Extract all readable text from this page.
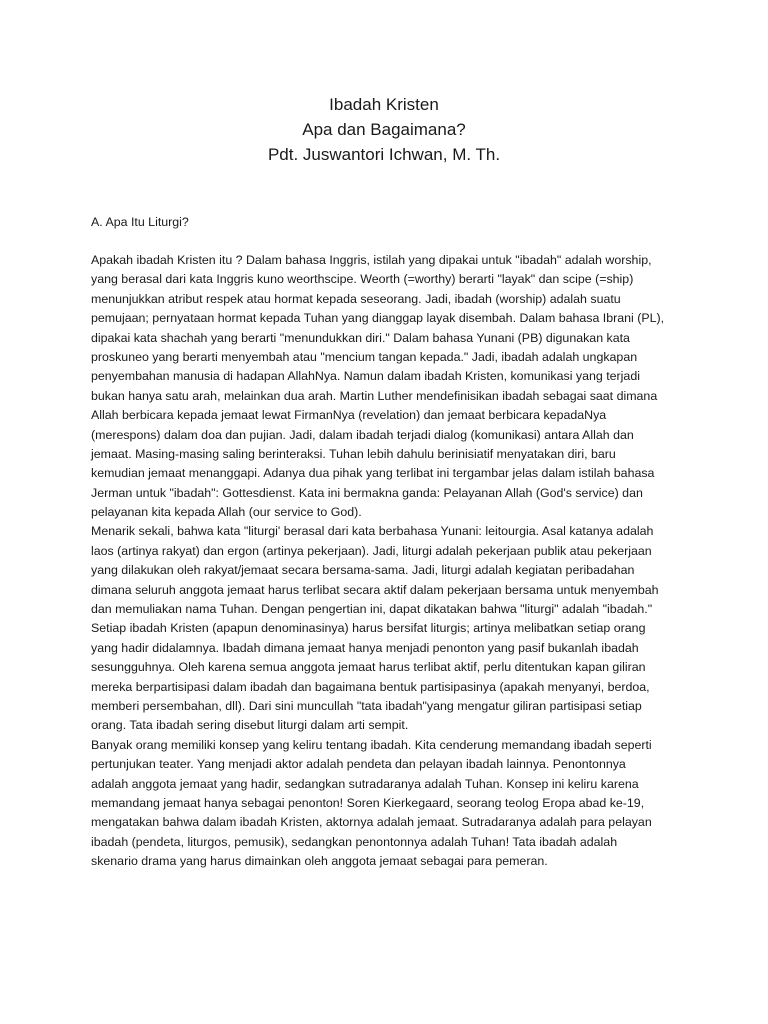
Ibadah Kristen
Apa dan Bagaimana?
Pdt. Juswantori Ichwan, M. Th.
A. Apa Itu Liturgi?
Apakah ibadah Kristen itu ? Dalam bahasa Inggris, istilah yang dipakai untuk "ibadah" adalah worship,
yang berasal dari kata Inggris kuno weorthscipe. Weorth (=worthy) berarti "layak" dan scipe (=ship)
menunjukkan atribut respek atau hormat kepada seseorang. Jadi, ibadah (worship) adalah suatu
pemujaan; pernyataan hormat kepada Tuhan yang dianggap layak disembah. Dalam bahasa Ibrani (PL),
dipakai kata shachah yang berarti "menundukkan diri." Dalam bahasa Yunani (PB) digunakan kata
proskuneo yang berarti menyembah atau "mencium tangan kepada." Jadi, ibadah adalah ungkapan
penyembahan manusia di hadapan AllahNya. Namun dalam ibadah Kristen, komunikasi yang terjadi
bukan hanya satu arah, melainkan dua arah. Martin Luther mendefinisikan ibadah sebagai saat dimana
Allah berbicara kepada jemaat lewat FirmanNya (revelation) dan jemaat berbicara kepadaNya
(merespons) dalam doa dan pujian. Jadi, dalam ibadah terjadi dialog (komunikasi) antara Allah dan
jemaat. Masing-masing saling berinteraksi. Tuhan lebih dahulu berinisiatif menyatakan diri, baru
kemudian jemaat menanggapi. Adanya dua pihak yang terlibat ini tergambar jelas dalam istilah bahasa
Jerman untuk "ibadah": Gottesdienst. Kata ini bermakna ganda: Pelayanan Allah (God's service) dan
pelayanan kita kepada Allah (our service to God).
Menarik sekali, bahwa kata "liturgi' berasal dari kata berbahasa Yunani: leitourgia. Asal katanya adalah
laos (artinya rakyat) dan ergon (artinya pekerjaan). Jadi, liturgi adalah pekerjaan publik atau pekerjaan
yang dilakukan oleh rakyat/jemaat secara bersama-sama. Jadi, liturgi adalah kegiatan peribadahan
dimana seluruh anggota jemaat harus terlibat secara aktif dalam pekerjaan bersama untuk menyembah
dan memuliakan nama Tuhan. Dengan pengertian ini, dapat dikatakan bahwa "liturgi" adalah "ibadah."
Setiap ibadah Kristen (apapun denominasinya) harus bersifat liturgis; artinya melibatkan setiap orang
yang hadir didalamnya. Ibadah dimana jemaat hanya menjadi penonton yang pasif bukanlah ibadah
sesungguhnya. Oleh karena semua anggota jemaat harus terlibat aktif, perlu ditentukan kapan giliran
mereka berpartisipasi dalam ibadah dan bagaimana bentuk partisipasinya (apakah menyanyi, berdoa,
memberi persembahan, dll). Dari sini muncullah "tata ibadah"yang mengatur giliran partisipasi setiap
orang. Tata ibadah sering disebut liturgi dalam arti sempit.
Banyak orang memiliki konsep yang keliru tentang ibadah. Kita cenderung memandang ibadah seperti
pertunjukan teater. Yang menjadi aktor adalah pendeta dan pelayan ibadah lainnya. Penontonnya
adalah anggota jemaat yang hadir, sedangkan sutradaranya adalah Tuhan. Konsep ini keliru karena
memandang jemaat hanya sebagai penonton! Soren Kierkegaard, seorang teolog Eropa abad ke-19,
mengatakan bahwa dalam ibadah Kristen, aktornya adalah jemaat. Sutradaranya adalah para pelayan
ibadah (pendeta, liturgos, pemusik), sedangkan penontonnya adalah Tuhan! Tata ibadah adalah
skenario drama yang harus dimainkan oleh anggota jemaat sebagai para pemeran.
